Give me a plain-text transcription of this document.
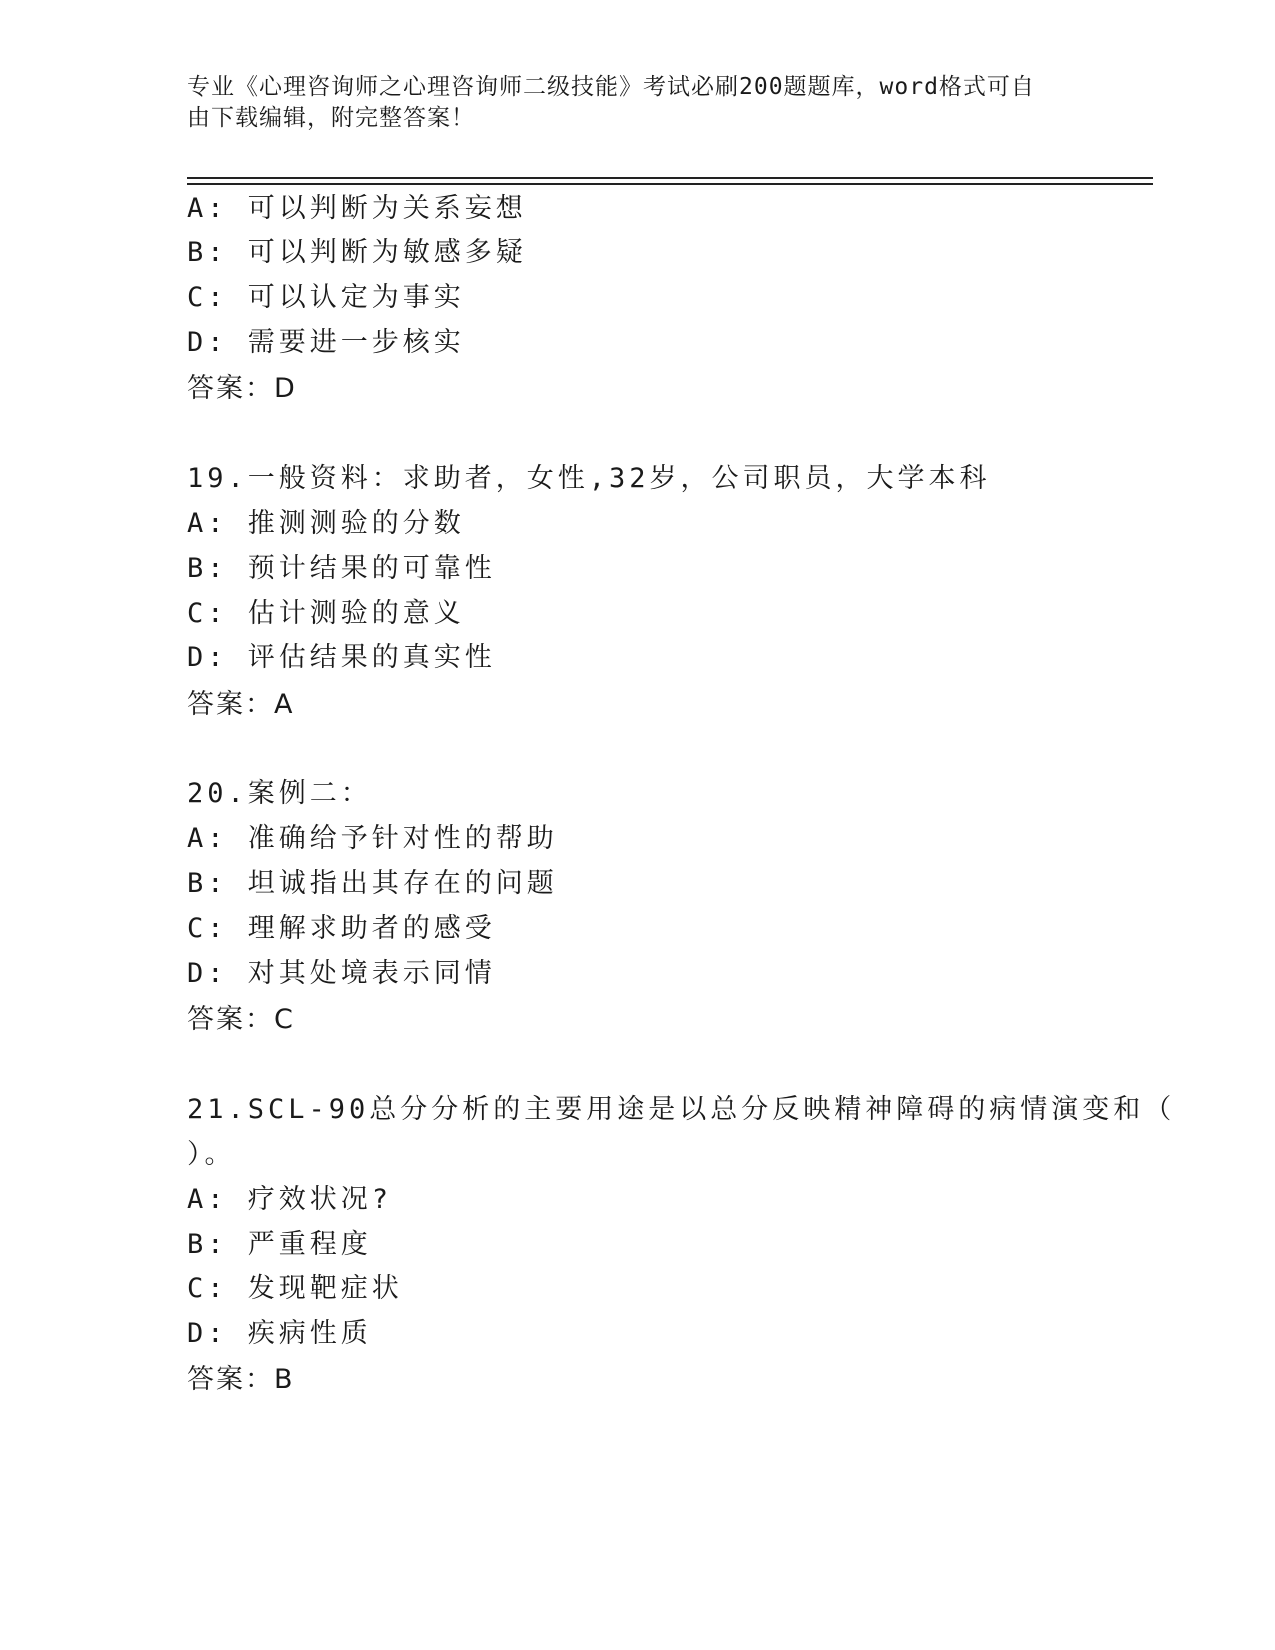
专业《心理咨询师之心理咨询师二级技能》考试必刷200题题库，word格式可自
由下载编辑，附完整答案！
A: 可以判断为关系妄想
B: 可以判断为敏感多疑
C: 可以认定为事实
D: 需要进一步核实
答案：D
19.一般资料：求助者，女性,32岁，公司职员，大学本科
A: 推测测验的分数
B: 预计结果的可靠性
C: 估计测验的意义
D: 评估结果的真实性
答案：A
20.案例二：
A: 准确给予针对性的帮助
B: 坦诚指出其存在的问题
C: 理解求助者的感受
D: 对其处境表示同情
答案：C
21.SCL-90总分分析的主要用途是以总分反映精神障碍的病情演变和（
）。
A: 疗效状况?
B: 严重程度
C: 发现靶症状
D: 疾病性质
答案：B
